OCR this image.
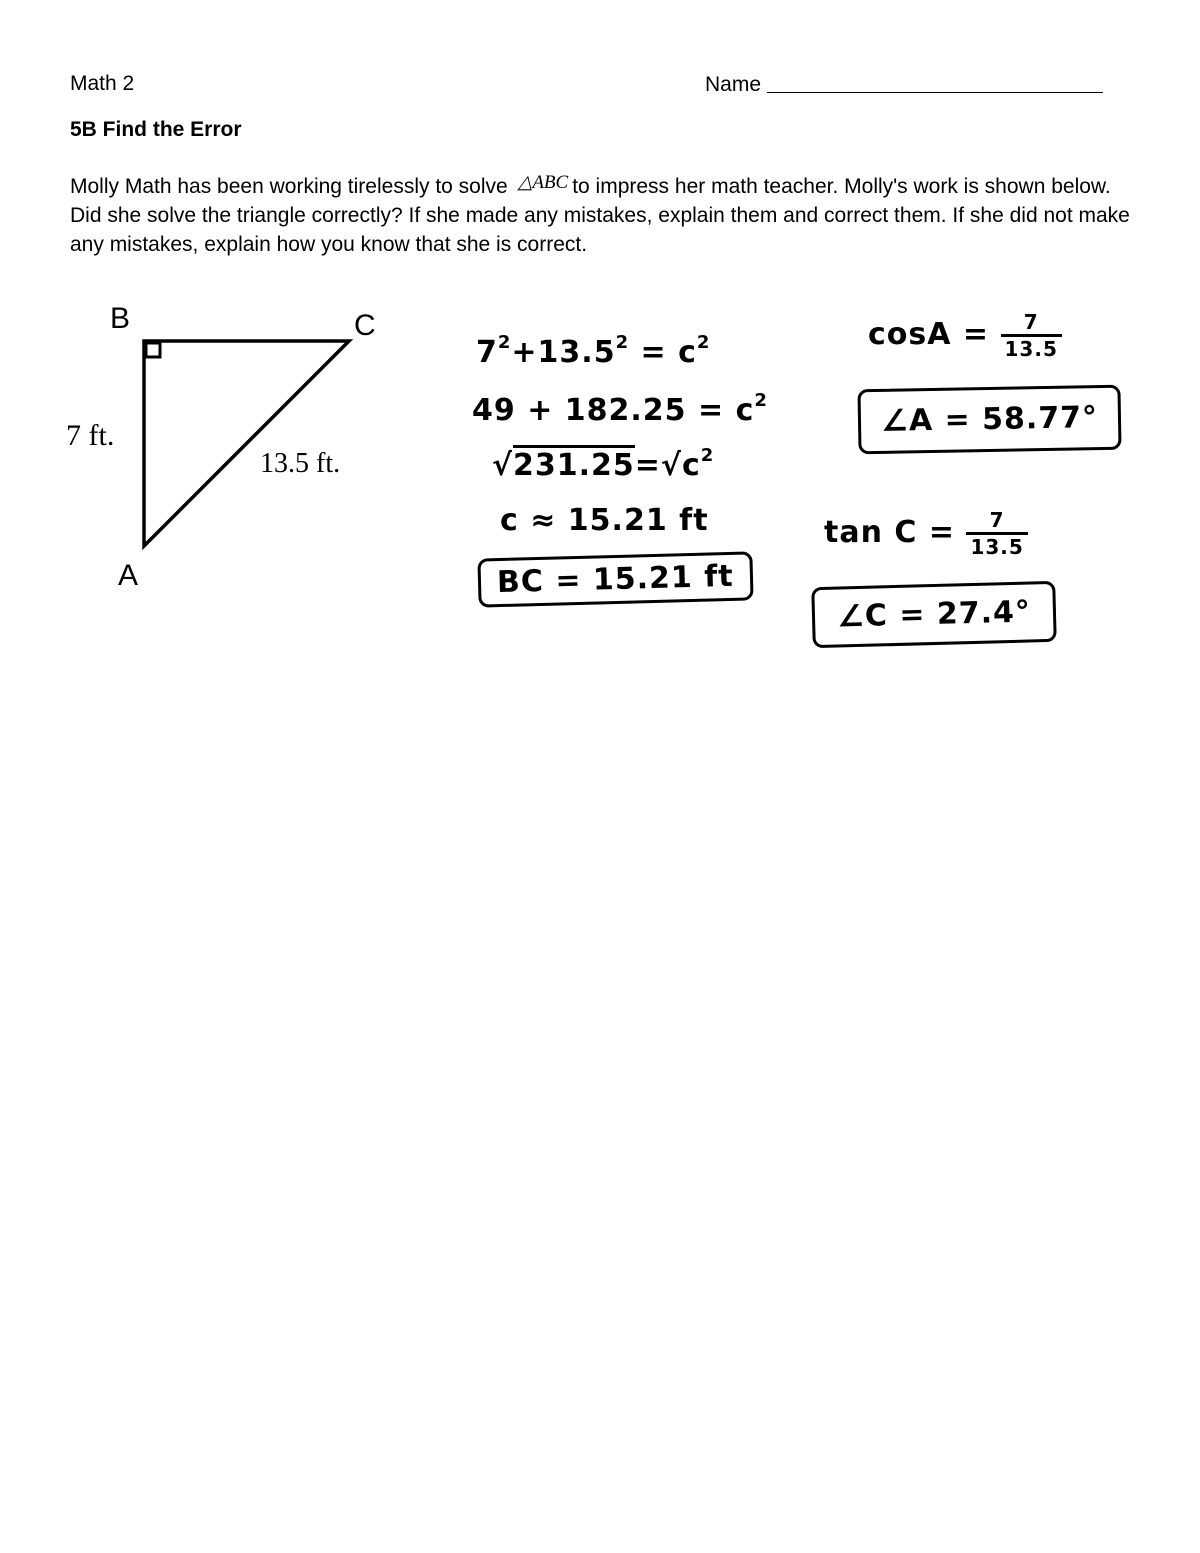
Math 2	Name
5B Find the Error
Molly Math has been working tirelessly to solve △ABC to impress her math teacher. Molly's work is shown below. Did she solve the triangle correctly? If she made any mistakes, explain them and correct them. If she did not make any mistakes, explain how you know that she is correct.
B	C
A
7 ft.
13.5 ft.
$7^2+13.5^2 = c^2$
$49 + 182.25 = c^2$
$√231.25=√c^2$
c ≈ 15.21 ft
BC = 15.21 ft
$\cos A = \frac{7}{13.5}$
∠A = 58.77°
$\tan C = \frac{7}{13.5}$
∠C = 27.4°
